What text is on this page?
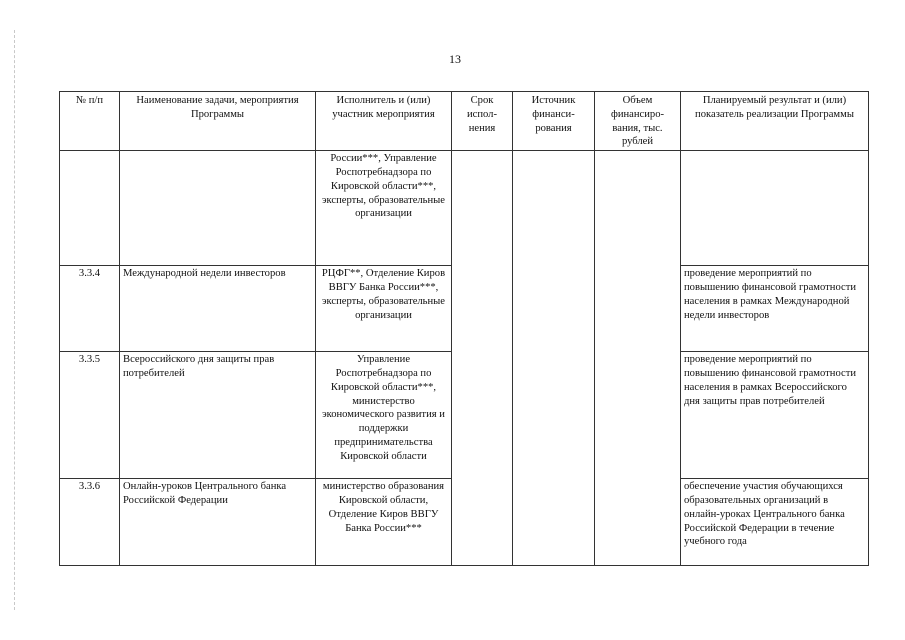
13
№ п/п	Наименование задачи, мероприятия Программы	Исполнитель и (или) участник мероприятия	Срок испол-нения	Источник финанси-рования	Объем финансиро-вания, тыс. рублей	Планируемый результат и (или) показатель реализации Программы
		России***, Управление Роспотребнадзора по Кировской области***, эксперты, образовательные организации				
3.3.4	Международной недели инвесторов	РЦФГ**, Отделение Киров ВВГУ Банка России***, эксперты, образовательные организации				проведение мероприятий по повышению финансовой грамотности населения в рамках Международной недели инвесторов
3.3.5	Всероссийского дня защиты прав потребителей	Управление Роспотребнадзора по Кировской области***, министерство экономического развития и поддержки предпринимательства Кировской области				проведение мероприятий по повышению финансовой грамотности населения в рамках Всероссийского дня защиты прав потребителей
3.3.6	Онлайн-уроков Центрального банка Российской Федерации	министерство образования Кировской области, Отделение Киров ВВГУ Банка России***				обеспечение участия обучающихся образовательных организаций в онлайн-уроках Центрального банка Российской Федерации в течение учебного года
